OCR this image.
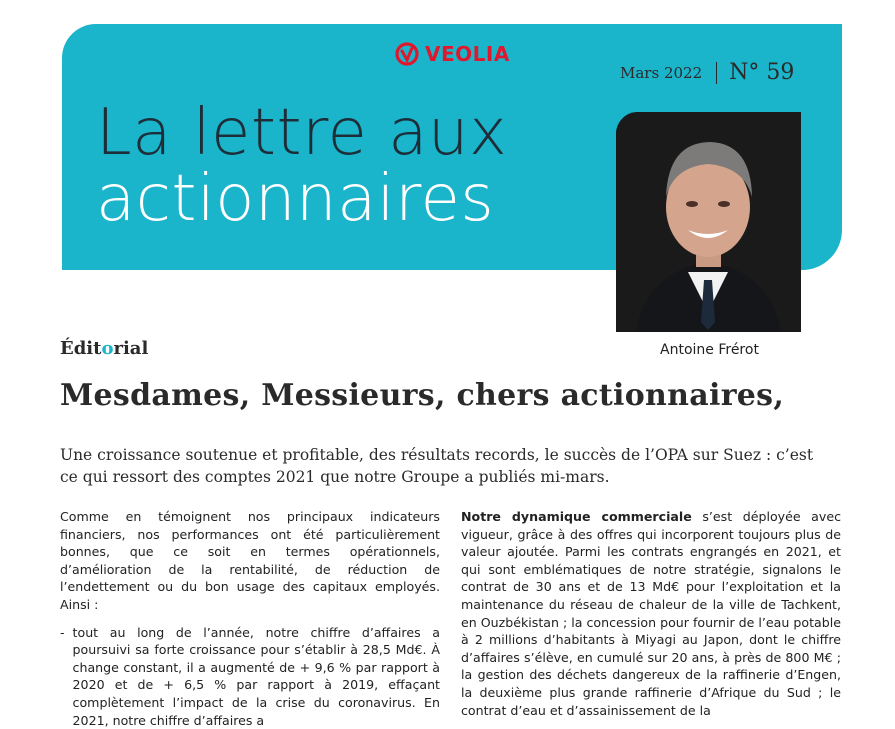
VEOLIA
Mars 2022 N° 59
La lettre aux
actionnaires
Antoine Frérot
Éditorial
Mesdames, Messieurs, chers actionnaires,
Une croissance soutenue et profitable, des résultats records, le succès de l’OPA sur Suez : c’est ce qui ressort des comptes 2021 que notre Groupe a publiés mi-mars.

Comme en témoignent nos principaux indicateurs financiers, nos performances ont été particulièrement bonnes, que ce soit en termes opérationnels, d’amélioration de la rentabilité, de réduction de l’endettement ou du bon usage des capitaux employés. Ainsi :

- tout au long de l’année, notre chiffre d’affaires a poursuivi sa forte croissance pour s’établir à 28,5 Md€. À change constant, il a augmenté de + 9,6 % par rapport à 2020 et de + 6,5 % par rapport à 2019, effaçant complètement l’impact de la crise du coronavirus. En 2021, notre chiffre d’affaires a

Notre dynamique commerciale s’est déployée avec vigueur, grâce à des offres qui incorporent toujours plus de valeur ajoutée. Parmi les contrats engrangés en 2021, et qui sont emblématiques de notre stratégie, signalons le contrat de 30 ans et de 13 Md€ pour l’exploitation et la maintenance du réseau de chaleur de la ville de Tachkent, en Ouzbékistan ; la concession pour fournir de l’eau potable à 2 millions d’habitants à Miyagi au Japon, dont le chiffre d’affaires s’élève, en cumulé sur 20 ans, à près de 800 M€ ; la gestion des déchets dangereux de la raffinerie d’Engen, la deuxième plus grande raffinerie d’Afrique du Sud ; le contrat d’eau et d’assainissement de la
